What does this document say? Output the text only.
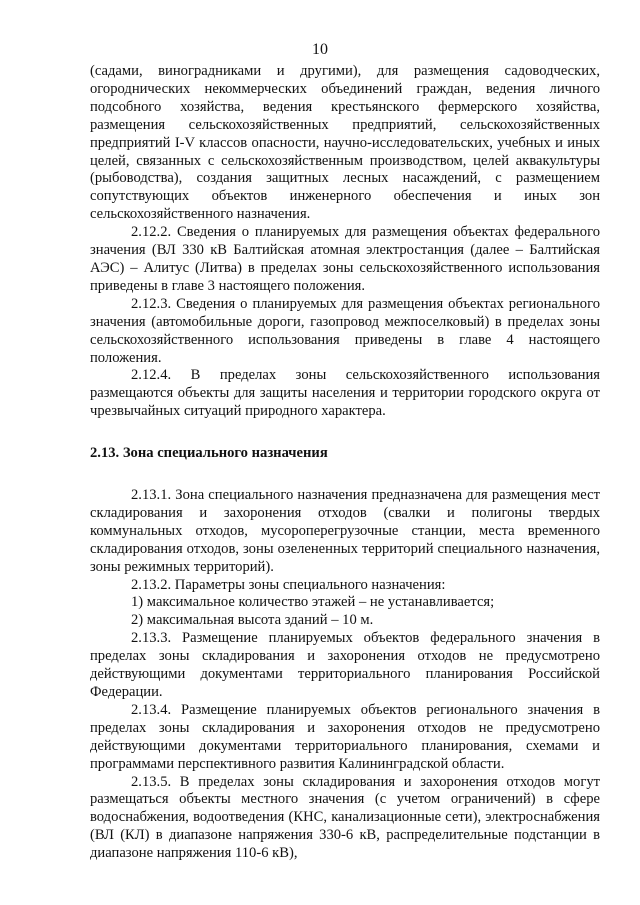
10

(садами, виноградниками и другими), для размещения садоводческих, огороднических некоммерческих объединений граждан, ведения личного подсобного хозяйства, ведения крестьянского фермерского хозяйства, размещения сельскохозяйственных предприятий, сельскохозяйственных предприятий I-V классов опасности, научно-исследовательских, учебных и иных целей, связанных с сельскохозяйственным производством, целей аквакультуры (рыбоводства), создания защитных лесных насаждений, с размещением сопутствующих объектов инженерного обеспечения и иных зон сельскохозяйственного назначения.

2.12.2. Сведения о планируемых для размещения объектах федерального значения (ВЛ 330 кВ Балтийская атомная электростанция (далее – Балтийская АЭС) – Алитус (Литва) в пределах зоны сельскохозяйственного использования приведены в главе 3 настоящего положения.

2.12.3. Сведения о планируемых для размещения объектах регионального значения (автомобильные дороги, газопровод межпоселковый) в пределах зоны сельскохозяйственного использования приведены в главе 4 настоящего положения.

2.12.4. В пределах зоны сельскохозяйственного использования размещаются объекты для защиты населения и территории городского округа от чрезвычайных ситуаций природного характера.

2.13. Зона специального назначения

2.13.1. Зона специального назначения предназначена для размещения мест складирования и захоронения отходов (свалки и полигоны твердых коммунальных отходов, мусороперегрузочные станции, места временного складирования отходов, зоны озелененных территорий специального назначения, зоны режимных территорий).

2.13.2. Параметры зоны специального назначения:

1) максимальное количество этажей – не устанавливается;

2) максимальная высота зданий – 10 м.

2.13.3. Размещение планируемых объектов федерального значения в пределах зоны складирования и захоронения отходов не предусмотрено действующими документами территориального планирования Российской Федерации.

2.13.4. Размещение планируемых объектов регионального значения в пределах зоны складирования и захоронения отходов не предусмотрено действующими документами территориального планирования, схемами и программами перспективного развития Калининградской области.

2.13.5. В пределах зоны складирования и захоронения отходов могут размещаться объекты местного значения (с учетом ограничений) в сфере водоснабжения, водоотведения (КНС, канализационные сети), электроснабжения (ВЛ (КЛ) в диапазоне напряжения 330-6 кВ, распределительные подстанции в диапазоне напряжения 110-6 кВ),
